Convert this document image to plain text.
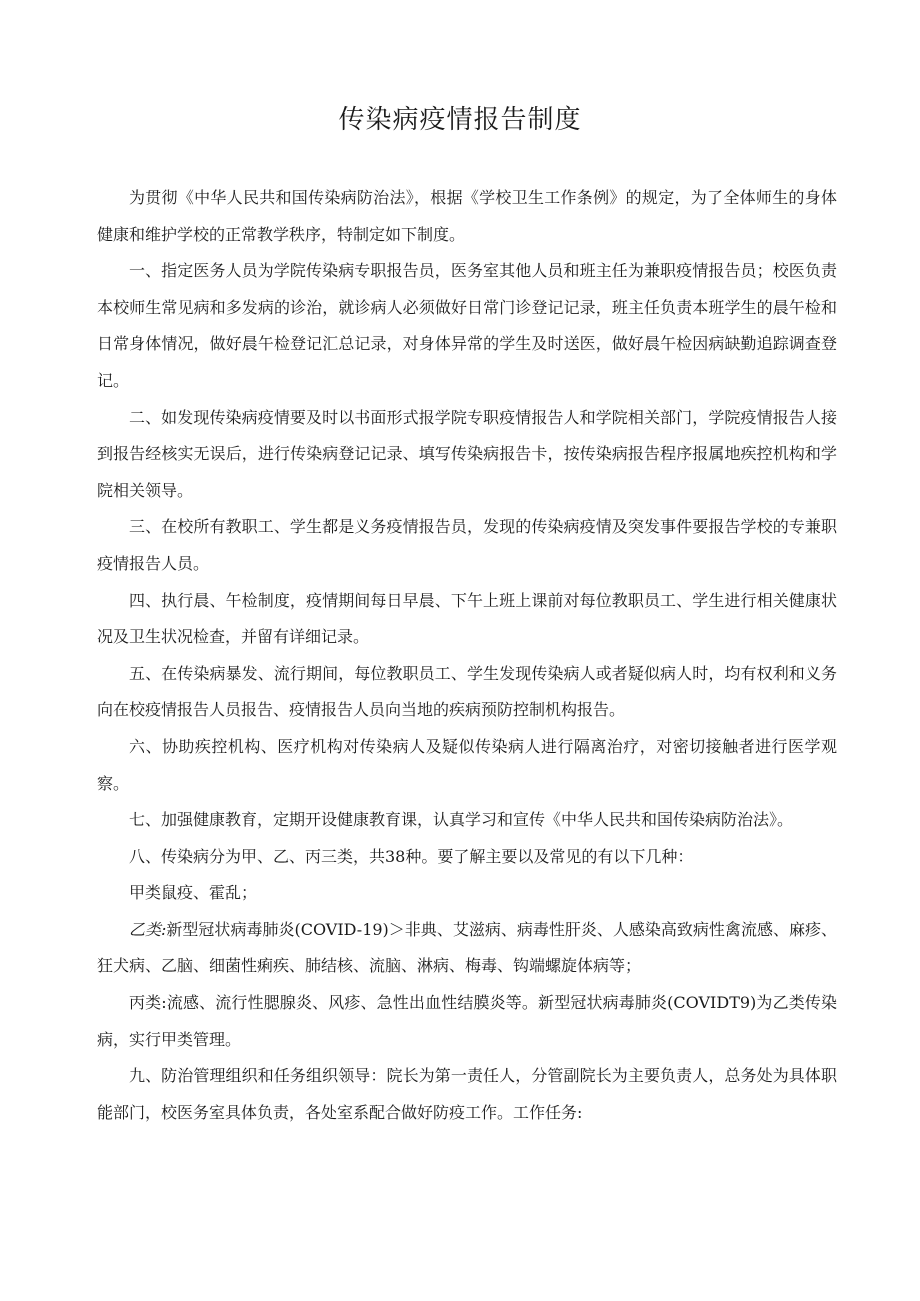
传染病疫情报告制度

为贯彻《中华人民共和国传染病防治法》，根据《学校卫生工作条例》的规定，为了全体师生的身体健康和维护学校的正常教学秩序，特制定如下制度。

一、指定医务人员为学院传染病专职报告员，医务室其他人员和班主任为兼职疫情报告员；校医负责本校师生常见病和多发病的诊治，就诊病人必须做好日常门诊登记记录，班主任负责本班学生的晨午检和日常身体情况，做好晨午检登记汇总记录，对身体异常的学生及时送医，做好晨午检因病缺勤追踪调查登记。

二、如发现传染病疫情要及时以书面形式报学院专职疫情报告人和学院相关部门，学院疫情报告人接到报告经核实无误后，进行传染病登记记录、填写传染病报告卡，按传染病报告程序报属地疾控机构和学院相关领导。

三、在校所有教职工、学生都是义务疫情报告员，发现的传染病疫情及突发事件要报告学校的专兼职疫情报告人员。

四、执行晨、午检制度，疫情期间每日早晨、下午上班上课前对每位教职员工、学生进行相关健康状况及卫生状况检查，并留有详细记录。

五、在传染病暴发、流行期间，每位教职员工、学生发现传染病人或者疑似病人时，均有权利和义务向在校疫情报告人员报告、疫情报告人员向当地的疾病预防控制机构报告。

六、协助疾控机构、医疗机构对传染病人及疑似传染病人进行隔离治疗，对密切接触者进行医学观察。

七、加强健康教育，定期开设健康教育课，认真学习和宣传《中华人民共和国传染病防治法》。

八、传染病分为甲、乙、丙三类，共38种。要了解主要以及常见的有以下几种：

甲类鼠疫、霍乱；

乙类:新型冠状病毒肺炎(COVID-19)＞非典、艾滋病、病毒性肝炎、人感染高致病性禽流感、麻疹、狂犬病、乙脑、细菌性痢疾、肺结核、流脑、淋病、梅毒、钩端螺旋体病等；

丙类:流感、流行性腮腺炎、风疹、急性出血性结膜炎等。新型冠状病毒肺炎(COVIDT9)为乙类传染病，实行甲类管理。

九、防治管理组织和任务组织领导：院长为第一责任人，分管副院长为主要负责人，总务处为具体职能部门，校医务室具体负责，各处室系配合做好防疫工作。工作任务:
